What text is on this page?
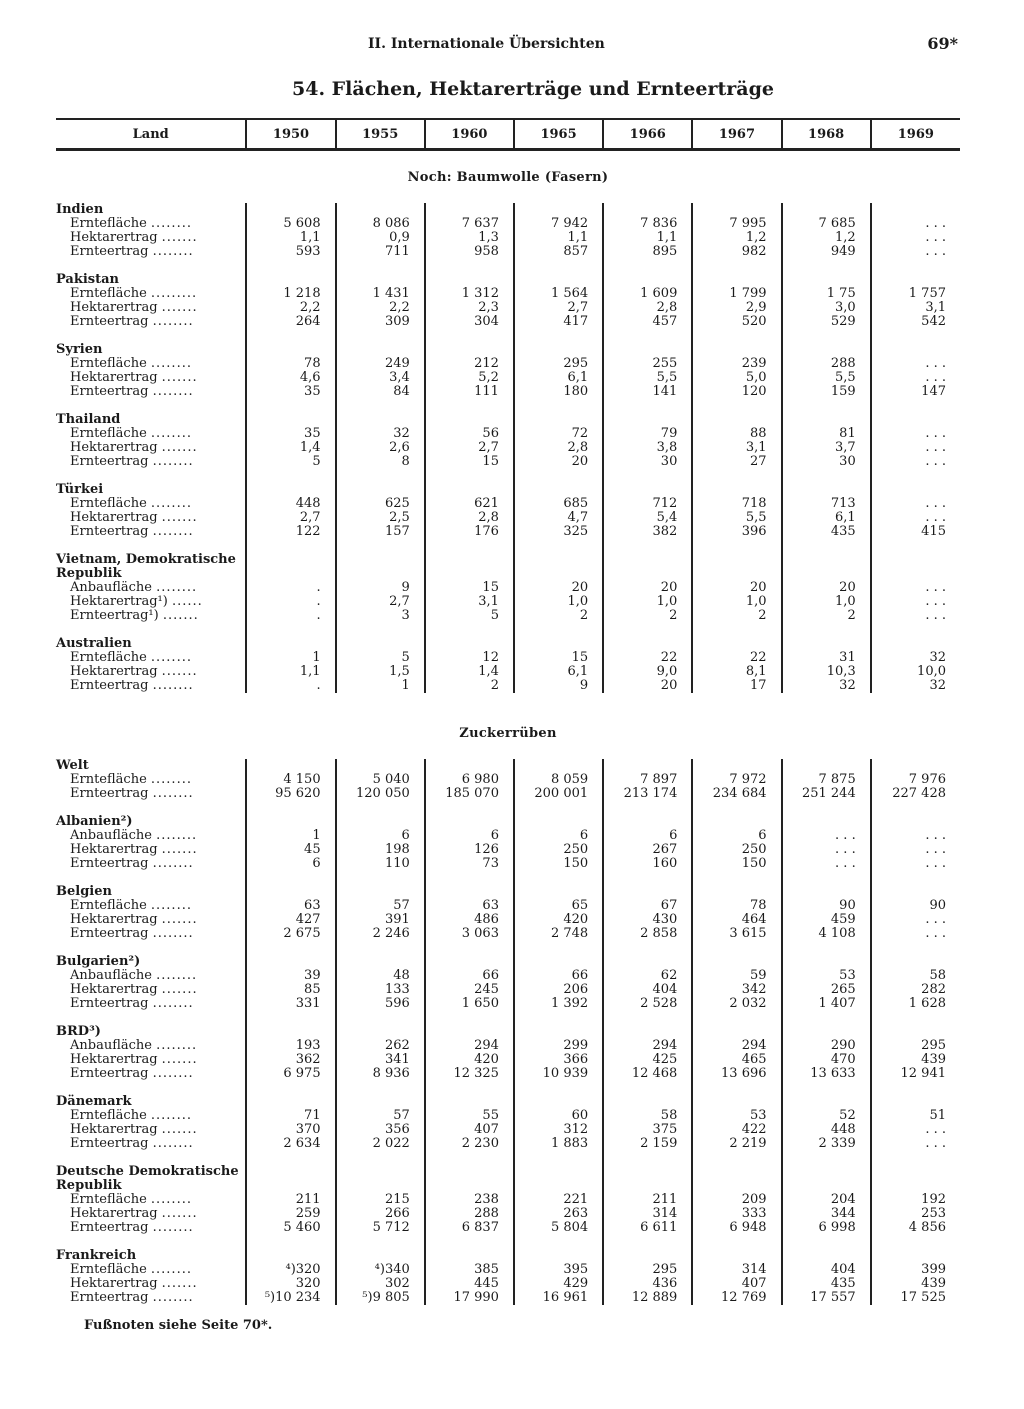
II. Internationale Übersichten	69*
54. Flächen, Hektarerträge und Ernteerträge
Land	1950	1955	1960	1965	1966	1967	1968	1969
Noch: Baumwolle (Fasern)								
Indien								
Erntefläche ........	5 608	8 086	7 637	7 942	7 836	7 995	7 685	. . .
Hektarertrag .......	1,1	0,9	1,3	1,1	1,1	1,2	1,2	. . .
Ernteertrag ........	593	711	958	857	895	982	949	. . .

Pakistan								
Erntefläche .........	1 218	1 431	1 312	1 564	1 609	1 799	1 75	1 757
Hektarertrag .......	2,2	2,2	2,3	2,7	2,8	2,9	3,0	3,1
Ernteertrag ........	264	309	304	417	457	520	529	542

Syrien								
Erntefläche ........	78	249	212	295	255	239	288	. . .
Hektarertrag .......	4,6	3,4	5,2	6,1	5,5	5,0	5,5	. . .
Ernteertrag ........	35	84	111	180	141	120	159	147

Thailand								
Erntefläche ........	35	32	56	72	79	88	81	. . .
Hektarertrag .......	1,4	2,6	2,7	2,8	3,8	3,1	3,7	. . .
Ernteertrag ........	5	8	15	20	30	27	30	. . .

Türkei								
Erntefläche ........	448	625	621	685	712	718	713	. . .
Hektarertrag .......	2,7	2,5	2,8	4,7	5,4	5,5	6,1	. . .
Ernteertrag ........	122	157	176	325	382	396	435	415

Vietnam, Demokratische								
Republik								
Anbaufläche ........	.	9	15	20	20	20	20	. . .
Hektarertrag¹) ......	.	2,7	3,1	1,0	1,0	1,0	1,0	. . .
Ernteertrag¹) .......	.	3	5	2	2	2	2	. . .

Australien								
Erntefläche ........	1	5	12	15	22	22	31	32
Hektarertrag .......	1,1	1,5	1,4	6,1	9,0	8,1	10,3	10,0
Ernteertrag ........	.	1	2	9	20	17	32	32
Zuckerrüben								
Welt								
Erntefläche ........	4 150	5 040	6 980	8 059	7 897	7 972	7 875	7 976
Ernteertrag ........	95 620	120 050	185 070	200 001	213 174	234 684	251 244	227 428

Albanien²)								
Anbaufläche ........	1	6	6	6	6	6	. . .	. . .
Hektarertrag .......	45	198	126	250	267	250	. . .	. . .
Ernteertrag ........	6	110	73	150	160	150	. . .	. . .

Belgien								
Erntefläche ........	63	57	63	65	67	78	90	90
Hektarertrag .......	427	391	486	420	430	464	459	. . .
Ernteertrag ........	2 675	2 246	3 063	2 748	2 858	3 615	4 108	. . .

Bulgarien²)								
Anbaufläche ........	39	48	66	66	62	59	53	58
Hektarertrag .......	85	133	245	206	404	342	265	282
Ernteertrag ........	331	596	1 650	1 392	2 528	2 032	1 407	1 628

BRD³)								
Anbaufläche ........	193	262	294	299	294	294	290	295
Hektarertrag .......	362	341	420	366	425	465	470	439
Ernteertrag ........	6 975	8 936	12 325	10 939	12 468	13 696	13 633	12 941

Dänemark								
Erntefläche ........	71	57	55	60	58	53	52	51
Hektarertrag .......	370	356	407	312	375	422	448	. . .
Ernteertrag ........	2 634	2 022	2 230	1 883	2 159	2 219	2 339	. . .

Deutsche Demokratische								
Republik								
Erntefläche ........	211	215	238	221	211	209	204	192
Hektarertrag .......	259	266	288	263	314	333	344	253
Ernteertrag ........	5 460	5 712	6 837	5 804	6 611	6 948	6 998	4 856

Frankreich								
Erntefläche ........	⁴)320	⁴)340	385	395	295	314	404	399
Hektarertrag .......	320	302	445	429	436	407	435	439
Ernteertrag ........	⁵)10 234	⁵)9 805	17 990	16 961	12 889	12 769	17 557	17 525
Fußnoten siehe Seite 70*.
